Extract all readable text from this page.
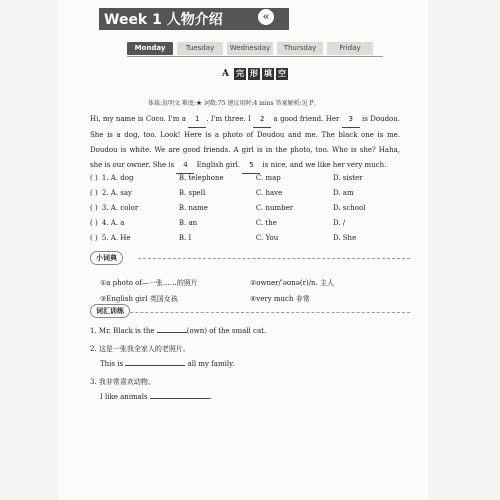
Week 1 人物介绍	«
Monday	Tuesday	Wednesday	Thursday	Friday
A 完 形 填 空
体裁:说明文 难度:★ 词数:75 建议用时:4 mins 答案解析:见 P。
Hi, my name is Coco. I'm a 1 . I'm three. I 2 a good friend. Her 3 is Doudou. She is a dog, too. Look! Here is a photo of Doudou and me. The black one is me. Doudou is white. We are good friends. A girl is in the photo, too. Who is she? Haha, she is our owner. She is 4 English girl. 5 is nice, and we like her very much.
( ) 1. A. dog	B. telephone	C. map	D. sister
( ) 2. A. say	B. spell	C. have	D. am
( ) 3. A. color	B. name	C. number	D. school
( ) 4. A. a	B. an	C. the	D. /
( ) 5. A. He	B. I	C. You	D. She
小词典
①a photo of—一张……的照片	②owner/ˈəʊnə(r)/n. 主人
③English girl 英国女孩	④very much 非常
词汇训练
1. Mr. Black is the	(own) of the small cat.
2. 这是一张我全家人的老照片。
This is	all my family.
3. 我非常喜欢动物。
I like animals	.
